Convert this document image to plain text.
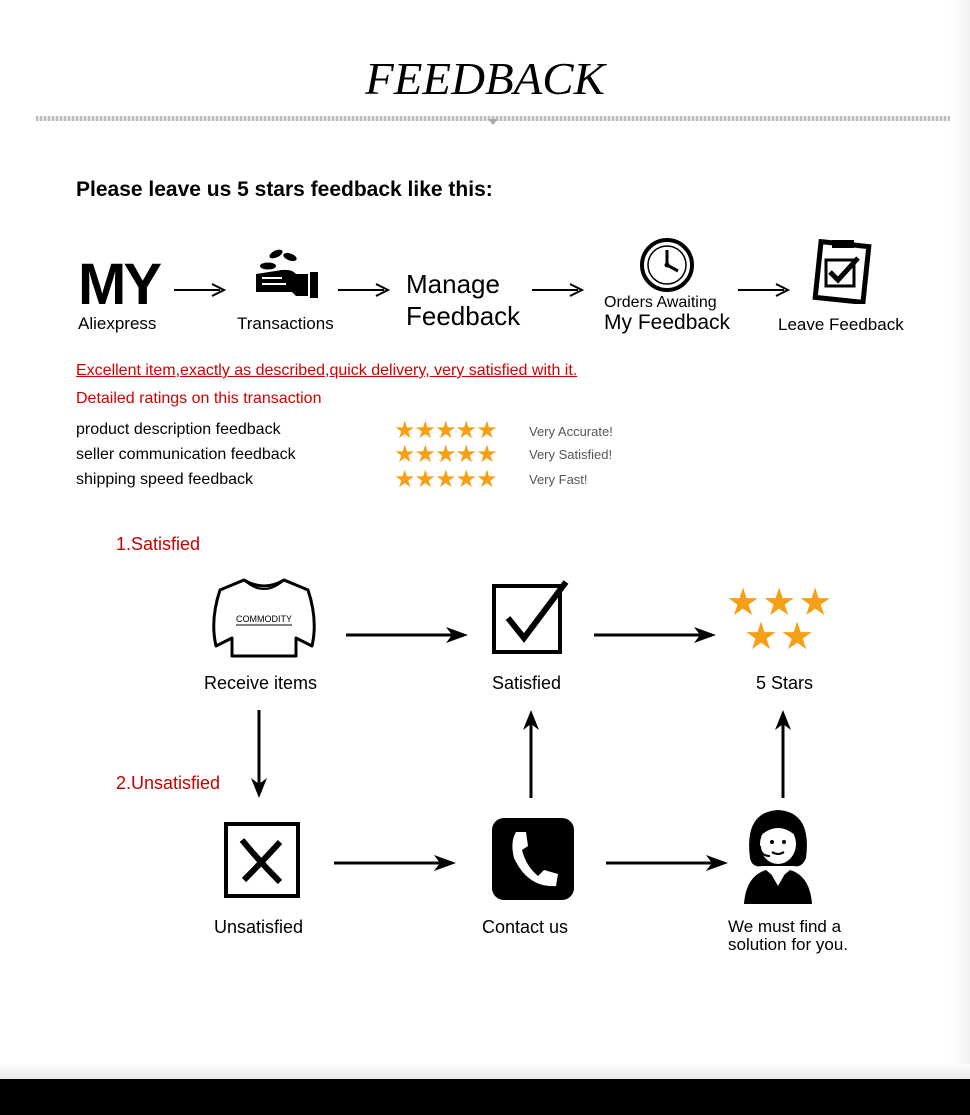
FEEDBACK
Please leave us 5 stars feedback like this:
MY
Aliexpress	Transactions
Manage
Feedback	Orders Awaiting
My Feedback	Leave Feedback
Excellent item,exactly as described,quick delivery, very satisfied with it.
Detailed ratings on this transaction
product description feedback	★★★★★ Very Accurate!
seller communication feedback	★★★★★ Very Satisfied!
shipping speed feedback	★★★★★ Very Fast!
1.Satisfied
COMMODITY
Receive items	Satisfied
★★★
★★
5 Stars
2.Unsatisfied
Unsatisfied	Contact us	We must find a solution for you.
